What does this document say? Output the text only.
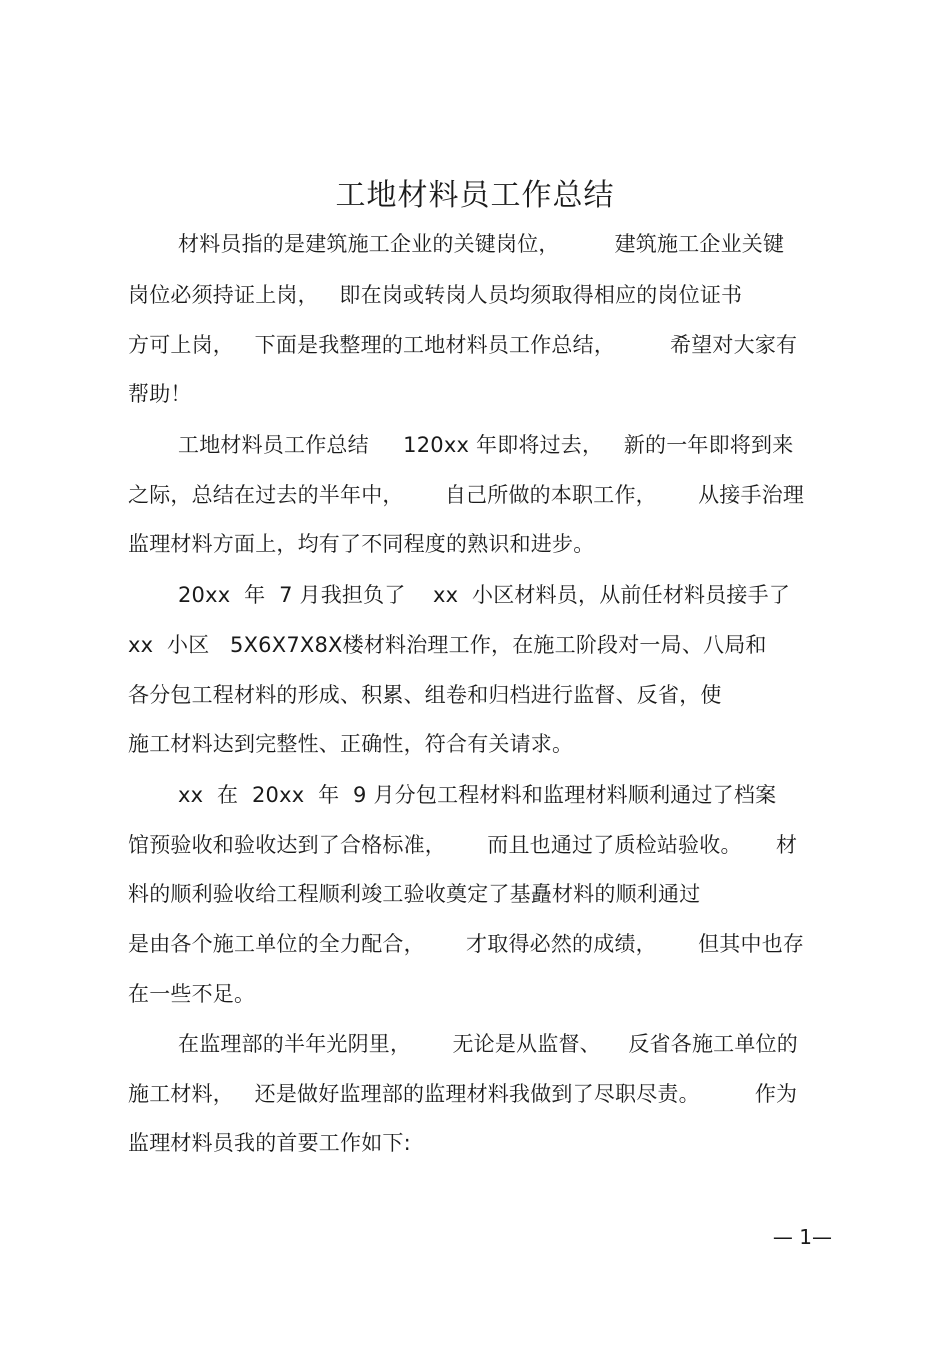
工地材料员工作总结
材料员指的是建筑施工企业的关键岗位，        建筑施工企业关键
岗位必须持证上岗，   即在岗或转岗人员均须取得相应的岗位证书
方可上岗，   下面是我整理的工地材料员工作总结，        希望对大家有
帮助！
工地材料员工作总结     120xx 年即将过去，   新的一年即将到来
之际，总结在过去的半年中，      自己所做的本职工作，      从接手治理
监理材料方面上，均有了不同程度的熟识和进步。
20xx  年  7 月我担负了    xx  小区材料员，从前任材料员接手了
xx  小区   5X6X7X8X楼材料治理工作，在施工阶段对一局、八局和
各分包工程材料的形成、积累、组卷和归档进行监督、反省，使
施工材料达到完整性、正确性，符合有关请求。
xx  在  20xx  年  9 月分包工程材料和监理材料顺利通过了档案
馆预验收和验收达到了合格标准，      而且也通过了质检站验收。     材
料的顺利验收给工程顺利竣工验收奠定了基矗材料的顺利通过
是由各个施工单位的全力配合，      才取得必然的成绩，      但其中也存
在一些不足。
在监理部的半年光阴里，      无论是从监督、    反省各施工单位的
施工材料，   还是做好监理部的监理材料我做到了尽职尽责。        作为
监理材料员我的首要工作如下:
— 1—
